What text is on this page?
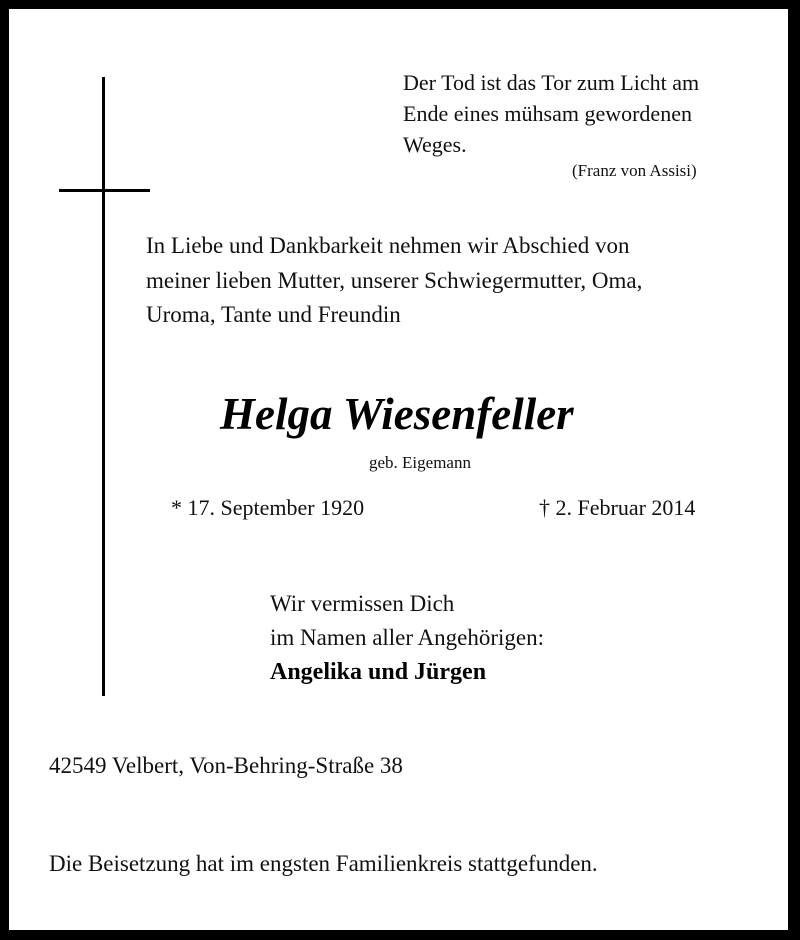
Der Tod ist das Tor zum Licht am
Ende eines mühsam gewordenen
Weges.
(Franz von Assisi)
In Liebe und Dankbarkeit nehmen wir Abschied von
meiner lieben Mutter, unserer Schwiegermutter, Oma,
Uroma, Tante und Freundin
Helga Wiesenfeller
geb. Eigemann
* 17. September 1920	† 2. Februar 2014
Wir vermissen Dich
im Namen aller Angehörigen:
Angelika und Jürgen
42549 Velbert, Von-Behring-Straße 38
Die Beisetzung hat im engsten Familienkreis stattgefunden.
